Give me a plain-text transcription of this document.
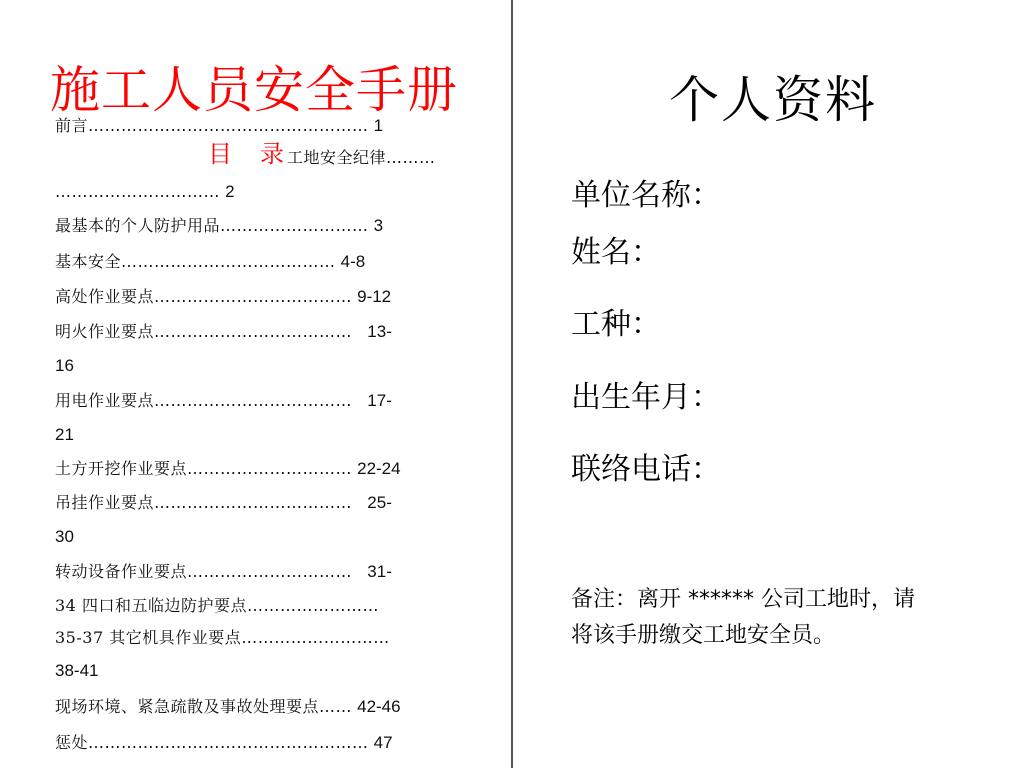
施工人员安全手册
目 录
前言…………………………………………… 1
工地安全纪律………
………………………… 2
最基本的个人防护用品……………………… 3
基本安全………………………………… 4-8
高处作业要点……………………………… 9-12
明火作业要点……………………………… 13-
16
用电作业要点……………………………… 17-
21
土方开挖作业要点………………………… 22-24
吊挂作业要点……………………………… 25-
30
转动设备作业要点………………………… 31-
34 四口和五临边防护要点……………………
35-37 其它机具作业要点………………………
38-41
现场环境、紧急疏散及事故处理要点…… 42-46
惩处…………………………………………… 47
个人资料
单位名称：
姓名：
工种：
出生年月：
联络电话：
备注：离开 ****** 公司工地时，请
将该手册缴交工地安全员。
